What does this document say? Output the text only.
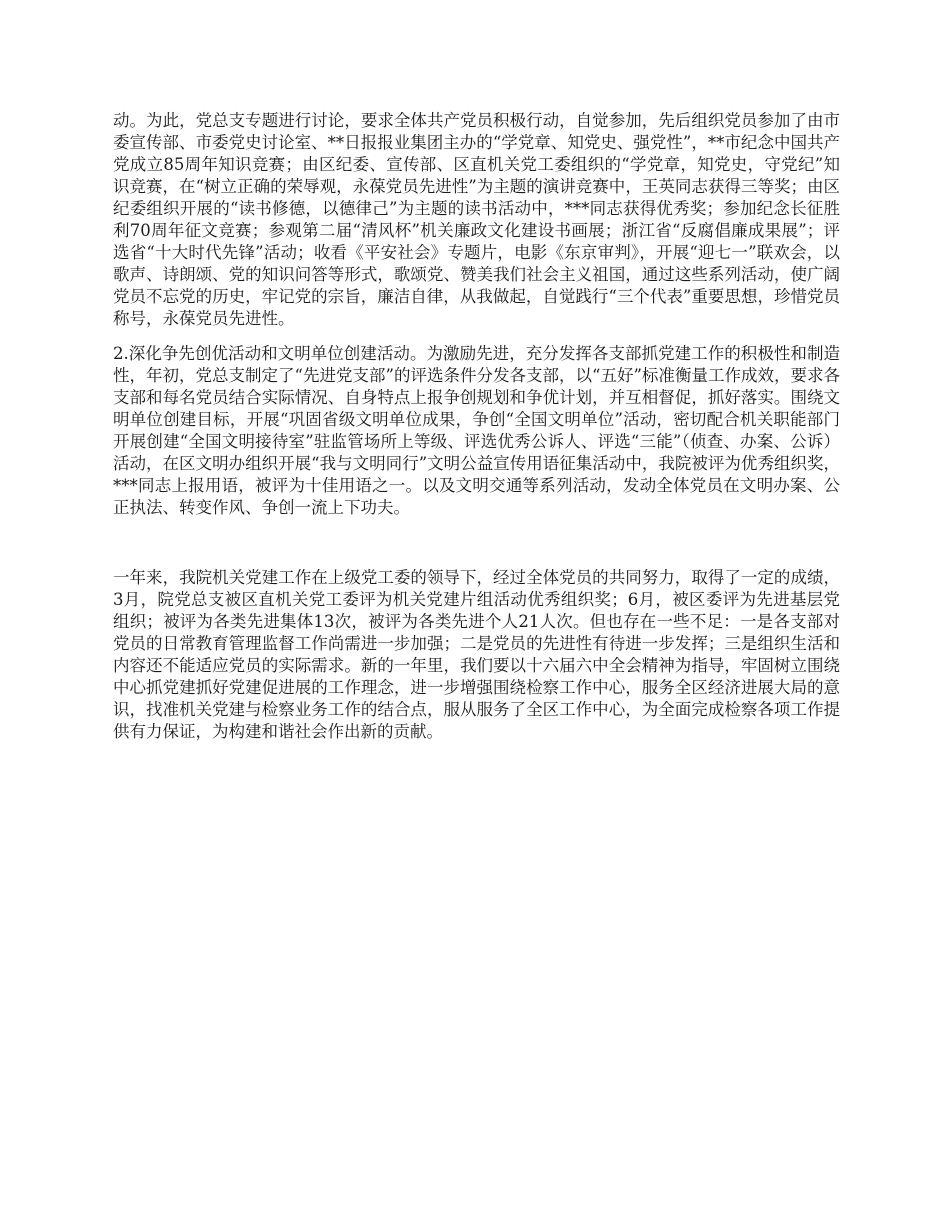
动。为此，党总支专题进行讨论，要求全体共产党员积极行动，自觉参加，先后组织党员参加了由市委宣传部、市委党史讨论室、**日报报业集团主办的“学党章、知党史、强党性”，**市纪念中国共产党成立85周年知识竞赛；由区纪委、宣传部、区直机关党工委组织的“学党章，知党史，守党纪”知识竞赛，在“树立正确的荣辱观，永葆党员先进性”为主题的演讲竞赛中，王英同志获得三等奖；由区纪委组织开展的“读书修德，以德律己”为主题的读书活动中，***同志获得优秀奖；参加纪念长征胜利70周年征文竞赛；参观第二届“清风杯”机关廉政文化建设书画展；浙江省“反腐倡廉成果展”；评选省“十大时代先锋”活动；收看《平安社会》专题片，电影《东京审判》，开展“迎七一”联欢会，以歌声、诗朗颂、党的知识问答等形式，歌颂党、赞美我们社会主义祖国，通过这些系列活动，使广阔党员不忘党的历史，牢记党的宗旨，廉洁自律，从我做起，自觉践行“三个代表”重要思想，珍惜党员称号，永葆党员先进性。

2.深化争先创优活动和文明单位创建活动。为激励先进，充分发挥各支部抓党建工作的积极性和制造性，年初，党总支制定了“先进党支部”的评选条件分发各支部，以“五好”标准衡量工作成效，要求各支部和每名党员结合实际情况、自身特点上报争创规划和争优计划，并互相督促，抓好落实。围绕文明单位创建目标，开展“巩固省级文明单位成果，争创“全国文明单位”活动，密切配合机关职能部门开展创建“全国文明接待室”驻监管场所上等级、评选优秀公诉人、评选“三能”（侦查、办案、公诉）活动，在区文明办组织开展“我与文明同行”文明公益宣传用语征集活动中，我院被评为优秀组织奖，***同志上报用语，被评为十佳用语之一。以及文明交通等系列活动，发动全体党员在文明办案、公正执法、转变作风、争创一流上下功夫。

一年来，我院机关党建工作在上级党工委的领导下，经过全体党员的共同努力，取得了一定的成绩，3月，院党总支被区直机关党工委评为机关党建片组活动优秀组织奖；6月，被区委评为先进基层党组织；被评为各类先进集体13次，被评为各类先进个人21人次。但也存在一些不足：一是各支部对党员的日常教育管理监督工作尚需进一步加强；二是党员的先进性有待进一步发挥；三是组织生活和内容还不能适应党员的实际需求。新的一年里，我们要以十六届六中全会精神为指导，牢固树立围绕中心抓党建抓好党建促进展的工作理念，进一步增强围绕检察工作中心，服务全区经济进展大局的意识，找准机关党建与检察业务工作的结合点，服从服务了全区工作中心，为全面完成检察各项工作提供有力保证，为构建和谐社会作出新的贡献。
